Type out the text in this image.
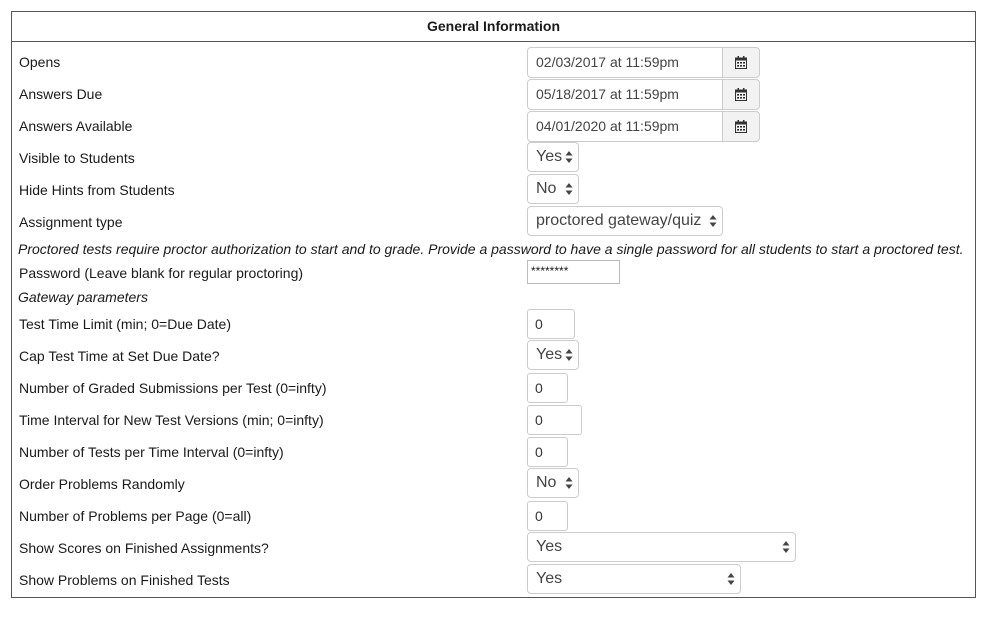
General Information
Opens	02/03/2017 at 11:59pm
Answers Due	05/18/2017 at 11:59pm
Answers Available	04/01/2020 at 11:59pm
Visible to Students	Yes
Hide Hints from Students	No
Assignment type	proctored gateway/quiz
Proctored tests require proctor authorization to start and to grade. Provide a password to have a single password for all students to start a proctored test.
Password (Leave blank for regular proctoring)	********
Gateway parameters
Test Time Limit (min; 0=Due Date)	0
Cap Test Time at Set Due Date?	Yes
Number of Graded Submissions per Test (0=infty)	0
Time Interval for New Test Versions (min; 0=infty)	0
Number of Tests per Time Interval (0=infty)	0
Order Problems Randomly	No
Number of Problems per Page (0=all)	0
Show Scores on Finished Assignments?	Yes
Show Problems on Finished Tests	Yes
